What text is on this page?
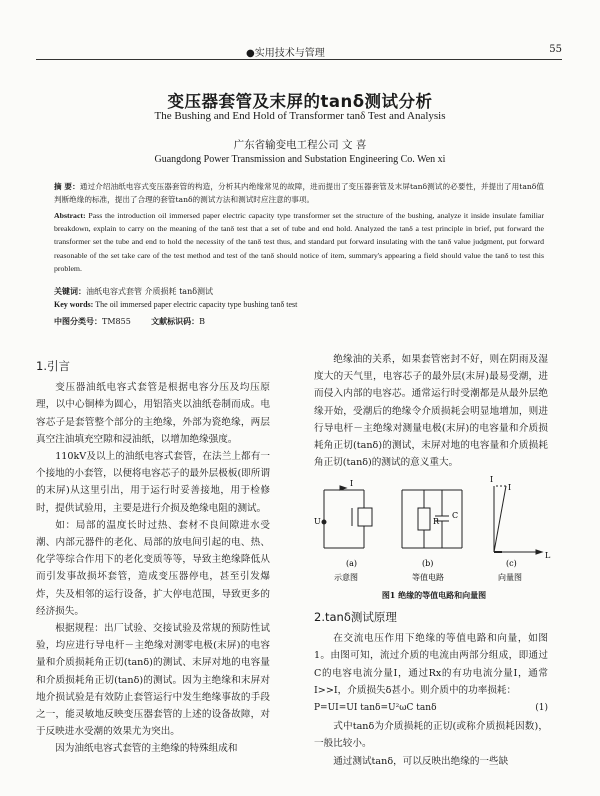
●实用技术与管理	55
变压器套管及末屏的tanδ测试分析
The Bushing and End Hold of Transformer tanδ Test and Analysis
广东省输变电工程公司 文 喜
Guangdong Power Transmission and Substation Engineering Co. Wen xi
摘 要：通过介绍油纸电容式变压器套管的构造，分析其内绝缘常见的故障，进而提出了变压器套管及末屏tanδ测试的必要性，并提出了用tanδ值判断绝缘的标准，提出了合理的套管tanδ的测试方法和测试时应注意的事项。
Abstract: Pass the introduction oil immersed paper electric capacity type transformer set the structure of the bushing, analyze it inside insulate familiar breakdown, explain to carry on the meaning of the tanδ test that a set of tube and end hold. Analyzed the tanδ a test principle in brief, put forward the transformer set the tube and end to hold the necessity of the tanδ test thus, and standard put forward insulating with the tanδ value judgment, put forward reasonable of the set take care of the test method and test of the tanδ should notice of item, summary's appearing a field should value the tanδ to test this problem.
关键词：油纸电容式套管 介质损耗 tanδ测试
Key words: The oil immersed paper electric capacity type bushing tanδ test
中图分类号：TM855	文献标识码：B
1.引言

变压器油纸电容式套管是根据电容分压及均压原理，以中心铜棒为圆心，用铝箔夹以油纸卷制而成。电容芯子是套管整个部分的主绝缘，外部为瓷绝缘，两层真空注油填充空隙和浸油纸，以增加绝缘强度。

110kV及以上的油纸电容式套管，在法兰上都有一个接地的小套管，以便将电容芯子的最外层极板(即所谓的末屏)从这里引出，用于运行时妥善接地，用于检修时，提供试验用，主要是进行介损及绝缘电阻的测试。

如：局部的温度长时过热、套材不良间隙进水受潮、内部元器件的老化、局部的放电间引起的电、热、化学等综合作用下的老化变质等等，导致主绝缘降低从而引发事故损坏套管，造成变压器停电，甚至引发爆炸，失及相邻的运行设备，扩大停电范围，导致更多的经济损失。

根据规程：出厂试验、交接试验及常规的预防性试验，均应进行导电杆－主绝缘对测零电极(末屏)的电容量和介质损耗角正切(tanδ)的测试、末屏对地的电容量和介质损耗角正切(tanδ)的测试。因为主绝缘和末屏对地介损试验是有效防止套管运行中发生绝缘事故的手段之一，能灵敏地反映变压器套管的上述的设备故障，对于反映进水受潮的效果尤为突出。

因为油纸电容式套管的主绝缘的特殊组成和

绝缘油的关系，如果套管密封不好，则在阴雨及湿度大的天气里，电容芯子的最外层(末屏)最易受潮，进而侵入内部的电容芯。通常运行时受潮都是从最外层绝缘开始，受潮后的绝缘令介质损耗会明显地增加，则进行导电杆－主绝缘对测量电极(末屏)的电容量和介质损耗角正切(tanδ)的测试，末屏对地的电容量和介质损耗角正切(tanδ)的测试的意义重大。

I
U	R
C
I
I
L
(a)	(b)	(c)
示意图	等值电路	向量图
图1 绝缘的等值电路和向量图
2.tanδ测试原理

在交流电压作用下绝缘的等值电路和向量，如图1。由图可知，流过介质的电流由两部分组成，即通过C的电容电流分量I，通过Rx的有功电流分量I，通常I>>I，介质损失δ甚小。则介质中的功率损耗：

P=UI=UI tanδ=U²ωC tanδ	(1)

式中tanδ为介质损耗的正切(或称介质损耗因数)，一般比较小。

通过测试tanδ，可以反映出绝缘的一些缺
